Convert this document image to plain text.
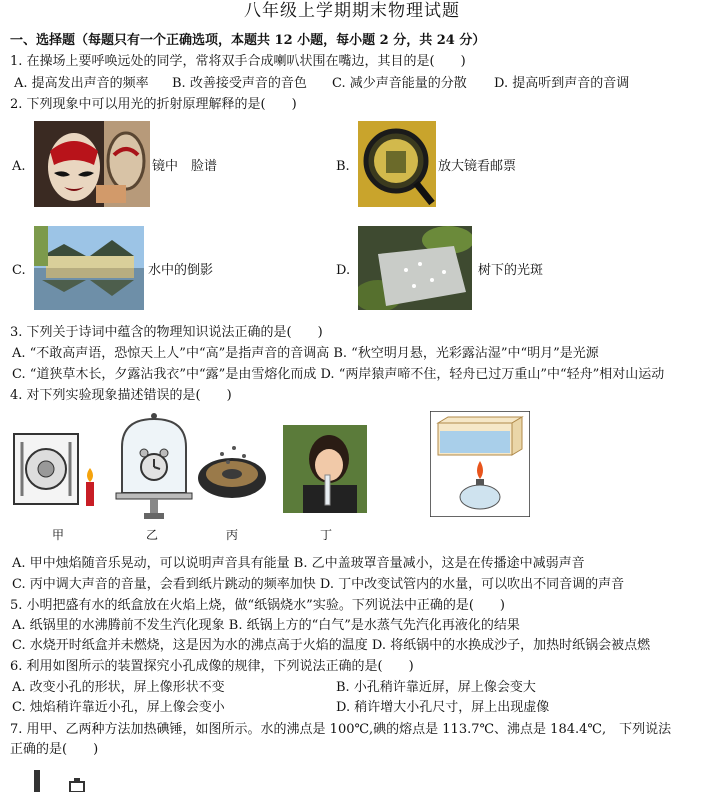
八年级上学期期末物理试题
一、选择题（每题只有一个正确选项，本题共 12 小题，每小题 2 分，共 24 分）
1. 在操场上要呼唤远处的同学，常将双手合成喇叭状围在嘴边，其目的是(　　)
A. 提高发出声音的频率 B. 改善接受声音的音色 C. 减少声音能量的分散 D. 提高听到声音的音调
2. 下列现象中可以用光的折射原理解释的是(　　)
A.	镜中　脸谱	B.	放大镜看邮票
C.	水中的倒影	D.	树下的光斑
3. 下列关于诗词中蕴含的物理知识说法正确的是(　　)
A. “不敢高声语，恐惊天上人”中“高”是指声音的音调高 B. “秋空明月悬，光彩露沾湿”中“明月”是光源
C. “道狭草木长，夕露沾我衣”中“露”是由雪熔化而成 D. “两岸猿声啼不住，轻舟已过万重山”中“轻舟”相对山运动
4. 对下列实验现象描述错误的是(　　)
甲	乙	丙	丁
A. 甲中烛焰随音乐晃动，可以说明声音具有能量 B. 乙中盖玻罩音量减小，这是在传播途中减弱声音
C. 丙中调大声音的音量，会看到纸片跳动的频率加快 D. 丁中改变试管内的水量，可以吹出不同音调的声音
5. 小明把盛有水的纸盒放在火焰上烧，做“纸锅烧水”实验。下列说法中正确的是(　　)
A. 纸锅里的水沸腾前不发生汽化现象 B. 纸锅上方的“白气”是水蒸气先汽化再液化的结果
C. 水烧开时纸盒并未燃烧，这是因为水的沸点高于火焰的温度 D. 将纸锅中的水换成沙子，加热时纸锅会被点燃
6. 利用如图所示的装置探究小孔成像的规律，下列说法正确的是(　　)
A. 改变小孔的形状，屏上像形状不变	B. 小孔稍许靠近屏，屏上像会变大
C. 烛焰稍许靠近小孔，屏上像会变小	D. 稍许增大小孔尺寸，屏上出现虚像
7. 用甲、乙两种方法加热碘锤，如图所示。水的沸点是 100℃,碘的熔点是 113.7℃、沸点是 184.4℃,　下列说法
正确的是(　　)
